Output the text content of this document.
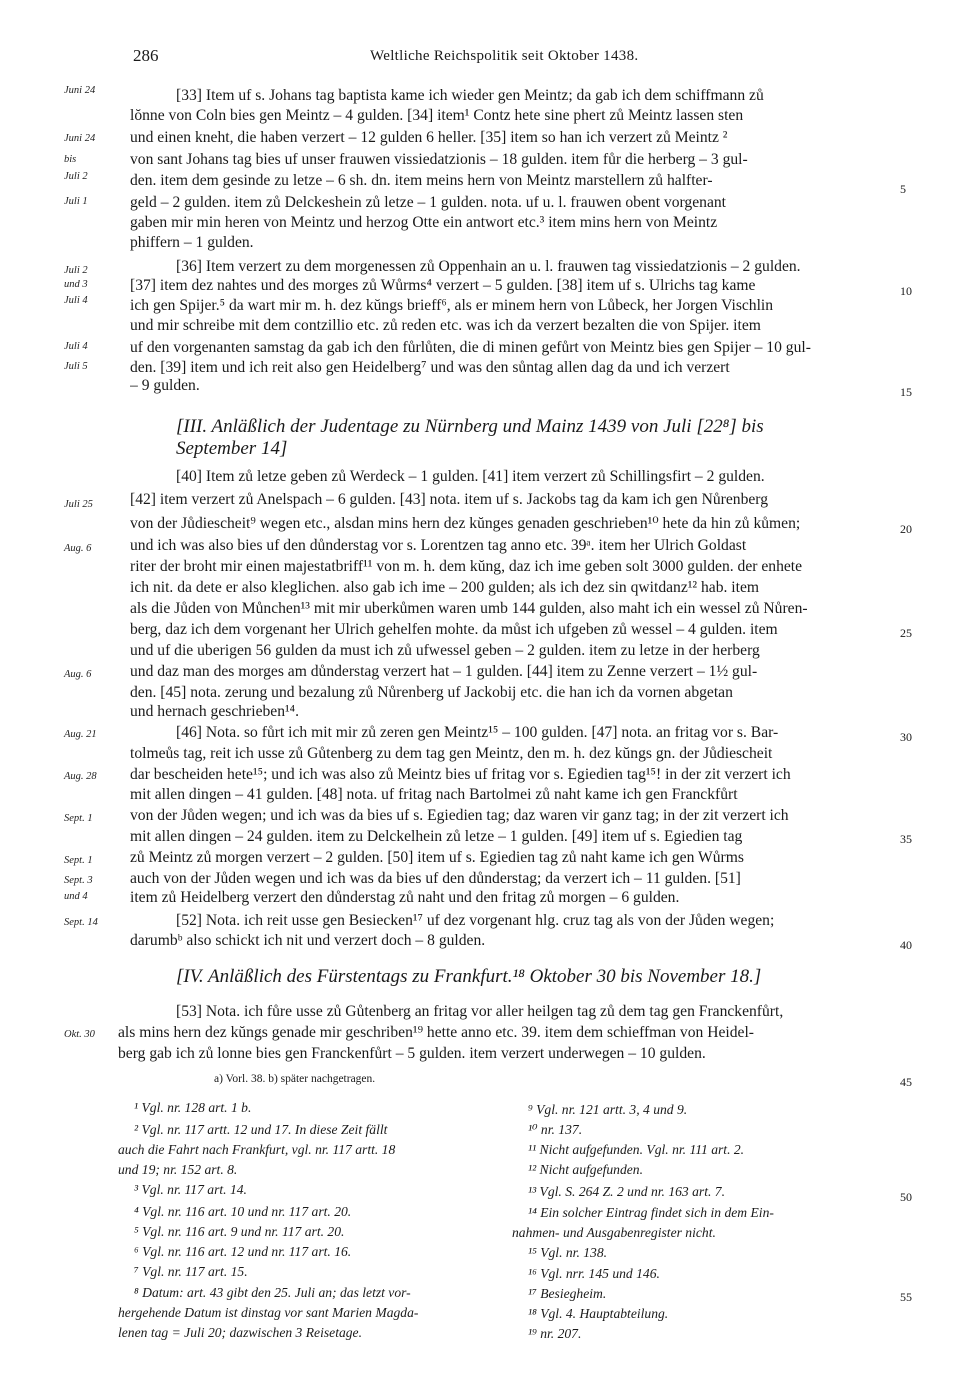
286	Weltliche Reichspolitik seit Oktober 1438.
Juni 24
Juni 24
bis
Juli 2
Juli 1
Juli 2
und 3
Juli 4
Juli 4
Juli 5
Juli 25
Aug. 6
Aug. 6
Aug. 21
Aug. 28
Sept. 1
Sept. 1
Sept. 3
und 4
Sept. 14
Okt. 30
5
10
15
20
25
30
35
40
45
50
55
[III. Anläßlich der Judentage zu Nürnberg und Mainz 1439 von Juli [22⁸] bis
September 14]
[IV. Anläßlich des Fürstentags zu Frankfurt.¹⁸ Oktober 30 bis November 18.]
[33] Item uf s. Johans tag baptista kame ich wieder gen Meintz; da gab ich dem schiffmann zů
lŏnne von Coln bies gen Meintz – 4 gulden. [34] item¹ Contz hete sine phert zů Meintz lassen sten
und einen kneht, die haben verzert – 12 gulden 6 heller. [35] item so han ich verzert zů Meintz ²
von sant Johans tag bies uf unser frauwen vissiedatzionis – 18 gulden. item fůr die herberg – 3 gul-
den. item dem gesinde zu letze – 6 sh. dn. item meins hern von Meintz marstellern zů halfter-
geld – 2 gulden. item zů Delckeshein zů letze – 1 gulden. nota. uf u. l. frauwen obent vorgenant
gaben mir min heren von Meintz und herzog Otte ein antwort etc.³ item mins hern von Meintz
phiffern – 1 gulden.
[36] Item verzert zu dem morgenessen zů Oppenhain an u. l. frauwen tag vissiedatzionis – 2 gulden.
[37] item dez nahtes und des morges zů Wůrms⁴ verzert – 5 gulden. [38] item uf s. Ulrichs tag kame
ich gen Spijer.⁵ da wart mir m. h. dez kŭngs brieff⁶, als er minem hern von Lůbeck, her Jorgen Vischlin
und mir schreibe mit dem contzillio etc. zů reden etc. was ich da verzert bezalten die von Spijer. item
uf den vorgenanten samstag da gab ich den fůrlůten, die di minen gefůrt von Meintz bies gen Spijer – 10 gul-
den. [39] item und ich reit also gen Heidelberg⁷ und was den sůntag allen dag da und ich verzert
– 9 gulden.
[40] Item zů letze geben zů Werdeck – 1 gulden. [41] item verzert zů Schillingsfirt – 2 gulden.
[42] item verzert zů Anelspach – 6 gulden. [43] nota. item uf s. Jackobs tag da kam ich gen Nůrenberg
von der Jůdiescheit⁹ wegen etc., alsdan mins hern dez kŭnges genaden geschrieben¹⁰ hete da hin zů kůmen;
und ich was also bies uf den důnderstag vor s. Lorentzen tag anno etc. 39ᵃ. item her Ulrich Goldast
riter der broht mir einen majestatbriff¹¹ von m. h. dem kŭng, daz ich ime geben solt 3000 gulden. der enhete
ich nit. da dete er also kleglichen. also gab ich ime – 200 gulden; als ich dez sin qwitdanz¹² hab. item
als die Jůden von Můnchen¹³ mit mir uberkůmen waren umb 144 gulden, also maht ich ein wessel zů Nůren-
berg, daz ich dem vorgenant her Ulrich gehelfen mohte. da můst ich ufgeben zů wessel – 4 gulden. item
und uf die uberigen 56 gulden da must ich zů ufwessel geben – 2 gulden. item zu letze in der herberg
und daz man des morges am důnderstag verzert hat – 1 gulden. [44] item zu Zenne verzert – 1½ gul-
den. [45] nota. zerung und bezalung zů Nůrenberg uf Jackobij etc. die han ich da vornen abgetan
und hernach geschrieben¹⁴.
[46] Nota. so fůrt ich mit mir zů zeren gen Meintz¹⁵ – 100 gulden. [47] nota. an fritag vor s. Bar-
tolmeůs tag, reit ich usse zů Gůtenberg zu dem tag gen Meintz, den m. h. dez kŭngs gn. der Jůdiescheit
dar bescheiden hete¹⁵; und ich was also zů Meintz bies uf fritag vor s. Egiedien tag¹⁵! in der zit verzert ich
mit allen dingen – 41 gulden. [48] nota. uf fritag nach Bartolmei zů naht kame ich gen Franckfůrt
von der Jůden wegen; und ich was da bies uf s. Egiedien tag; daz waren vir ganz tag; in der zit verzert ich
mit allen dingen – 24 gulden. item zu Delckelhein zů letze – 1 gulden. [49] item uf s. Egiedien tag
zů Meintz zů morgen verzert – 2 gulden. [50] item uf s. Egiedien tag zů naht kame ich gen Wůrms
auch von der Jůden wegen und ich was da bies uf den důnderstag; da verzert ich – 11 gulden. [51]
item zů Heidelberg verzert den důnderstag zů naht und den fritag zů morgen – 6 gulden.
[52] Nota. ich reit usse gen Besiecken¹⁷ uf dez vorgenant hlg. cruz tag als von der Jůden wegen;
darumbᵇ also schickt ich nit und verzert doch – 8 gulden.
[53] Nota. ich fůre usse zů Gůtenberg an fritag vor aller heilgen tag zů dem tag gen Franckenfůrt,
als mins hern dez kŭngs genade mir geschriben¹⁹ hette anno etc. 39. item dem schieffman von Heidel-
berg gab ich zů lonne bies gen Franckenfůrt – 5 gulden. item verzert underwegen – 10 gulden.
a) Vorl. 38. b) später nachgetragen.
¹ Vgl. nr. 128 art. 1 b.
² Vgl. nr. 117 artt. 12 und 17. In diese Zeit fällt
auch die Fahrt nach Frankfurt, vgl. nr. 117 artt. 18
und 19; nr. 152 art. 8.
³ Vgl. nr. 117 art. 14.
⁴ Vgl. nr. 116 art. 10 und nr. 117 art. 20.
⁵ Vgl. nr. 116 art. 9 und nr. 117 art. 20.
⁶ Vgl. nr. 116 art. 12 und nr. 117 art. 16.
⁷ Vgl. nr. 117 art. 15.
⁸ Datum: art. 43 gibt den 25. Juli an; das letzt vor-
hergehende Datum ist dinstag vor sant Marien Magda-
lenen tag = Juli 20; dazwischen 3 Reisetage.
⁹ Vgl. nr. 121 artt. 3, 4 und 9.
¹⁰ nr. 137.
¹¹ Nicht aufgefunden. Vgl. nr. 111 art. 2.
¹² Nicht aufgefunden.
¹³ Vgl. S. 264 Z. 2 und nr. 163 art. 7.
¹⁴ Ein solcher Eintrag findet sich in dem Ein-
nahmen- und Ausgabenregister nicht.
¹⁵ Vgl. nr. 138.
¹⁶ Vgl. nrr. 145 und 146.
¹⁷ Besiegheim.
¹⁸ Vgl. 4. Hauptabteilung.
¹⁹ nr. 207.
